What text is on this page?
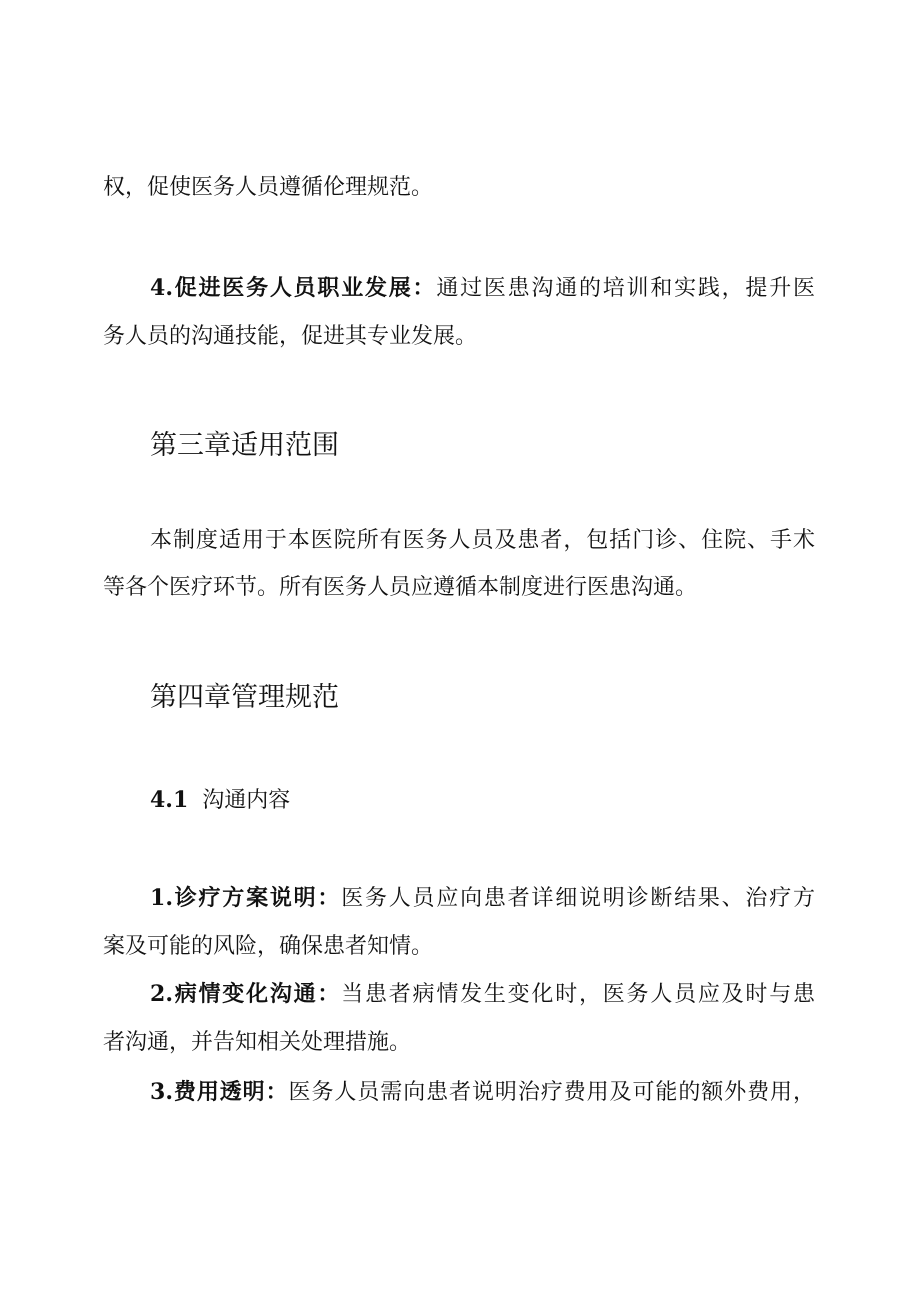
权，促使医务人员遵循伦理规范。
4.促进医务人员职业发展：通过医患沟通的培训和实践，提升医
务人员的沟通技能，促进其专业发展。
第三章适用范围
本制度适用于本医院所有医务人员及患者，包括门诊、住院、手术
等各个医疗环节。所有医务人员应遵循本制度进行医患沟通。
第四章管理规范
4.1 沟通内容
1.诊疗方案说明：医务人员应向患者详细说明诊断结果、治疗方
案及可能的风险，确保患者知情。
2.病情变化沟通：当患者病情发生变化时，医务人员应及时与患
者沟通，并告知相关处理措施。
3.费用透明：医务人员需向患者说明治疗费用及可能的额外费用，
